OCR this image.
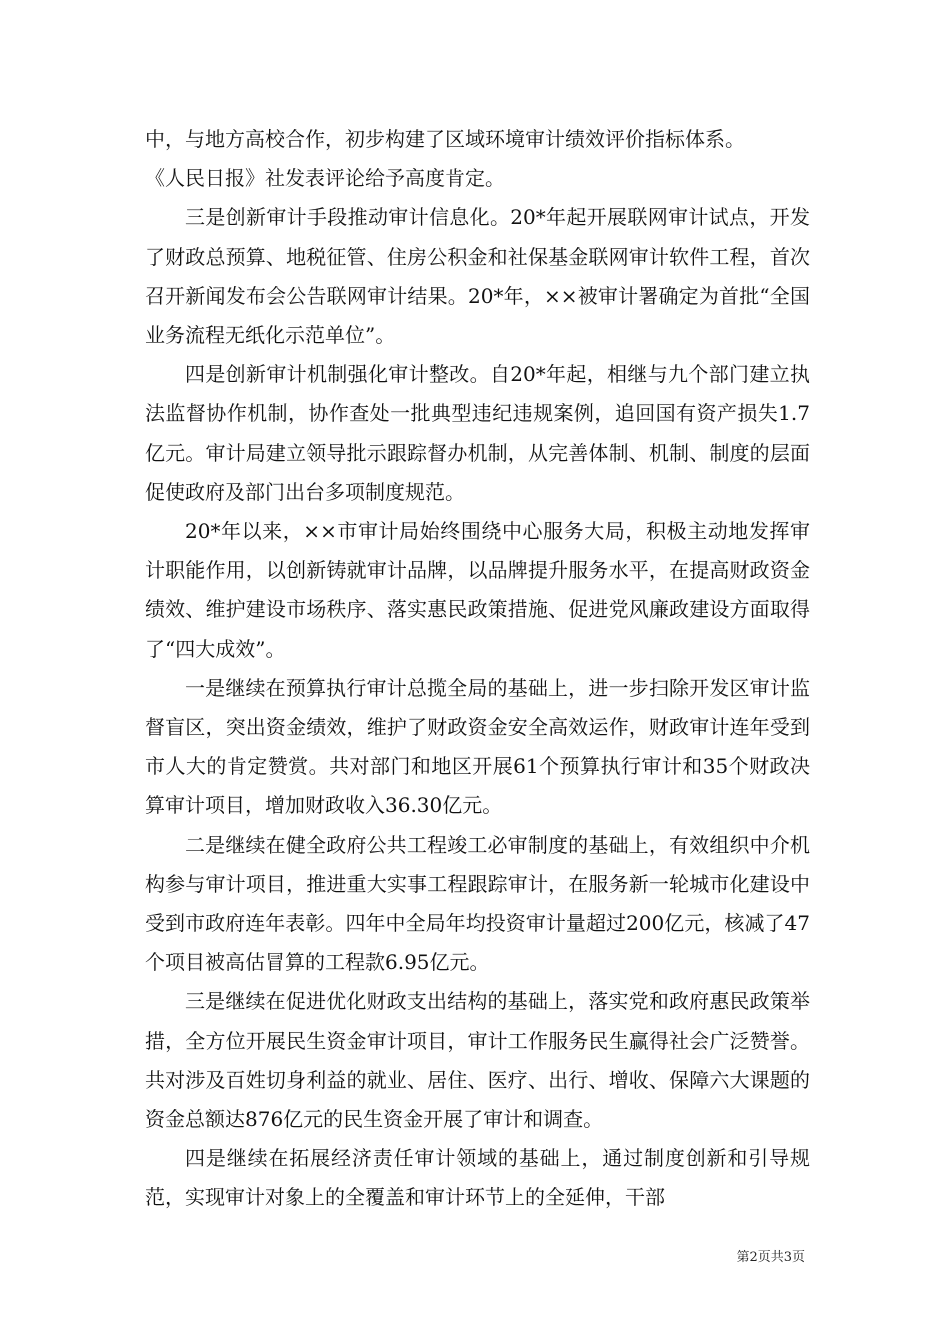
中，与地方高校合作，初步构建了区域环境审计绩效评价指标体系。

《人民日报》社发表评论给予高度肯定。

三是创新审计手段推动审计信息化。20*年起开展联网审计试点，开发了财政总预算、地税征管、住房公积金和社保基金联网审计软件工程，首次召开新闻发布会公告联网审计结果。20*年，××被审计署确定为首批“全国业务流程无纸化示范单位”。

四是创新审计机制强化审计整改。自20*年起，相继与九个部门建立执法监督协作机制，协作查处一批典型违纪违规案例，追回国有资产损失1.7亿元。审计局建立领导批示跟踪督办机制，从完善体制、机制、制度的层面促使政府及部门出台多项制度规范。

20*年以来，××市审计局始终围绕中心服务大局，积极主动地发挥审计职能作用，以创新铸就审计品牌，以品牌提升服务水平，在提高财政资金绩效、维护建设市场秩序、落实惠民政策措施、促进党风廉政建设方面取得了“四大成效”。

一是继续在预算执行审计总揽全局的基础上，进一步扫除开发区审计监督盲区，突出资金绩效，维护了财政资金安全高效运作，财政审计连年受到市人大的肯定赞赏。共对部门和地区开展61个预算执行审计和35个财政决算审计项目，增加财政收入36.30亿元。

二是继续在健全政府公共工程竣工必审制度的基础上，有效组织中介机构参与审计项目，推进重大实事工程跟踪审计，在服务新一轮城市化建设中受到市政府连年表彰。四年中全局年均投资审计量超过200亿元，核减了47个项目被高估冒算的工程款6.95亿元。

三是继续在促进优化财政支出结构的基础上，落实党和政府惠民政策举措，全方位开展民生资金审计项目，审计工作服务民生赢得社会广泛赞誉。共对涉及百姓切身利益的就业、居住、医疗、出行、增收、保障六大课题的资金总额达876亿元的民生资金开展了审计和调查。

四是继续在拓展经济责任审计领域的基础上，通过制度创新和引导规范，实现审计对象上的全覆盖和审计环节上的全延伸，干部

第2页共3页
